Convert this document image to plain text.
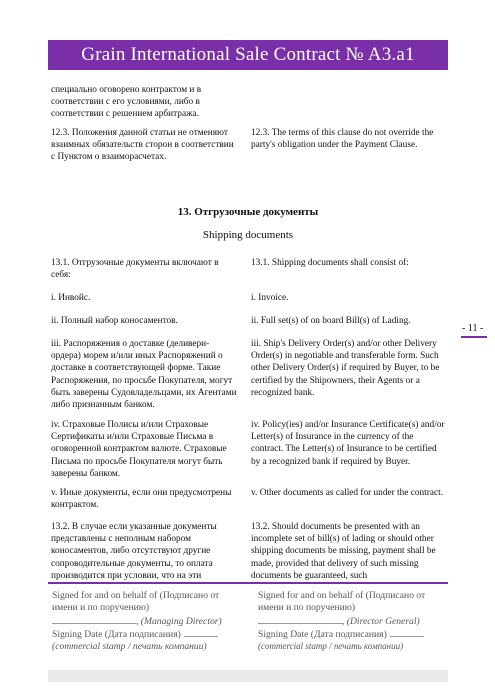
Grain International Sale Contract № A3.a1

специально оговорено контрактом и в соответствии с его условиями, либо в соответствии с решением арбитража.

12.3. Положения данной статьи не отменяют взаимных обязательств сторон в соответствии с Пунктом о взаиморасчетах.

12.3. The terms of this clause do not override the party's obligation under the Payment Clause.

13. Отгрузочные документы
Shipping documents

13.1. Отгрузочные документы включают в себя:

13.1. Shipping documents shall consist of:

i. Инвойс.	i. Invoice.

ii. Полный набор коносаментов.	ii. Full set(s) of on board Bill(s) of Lading.

iii. Распоряжения о доставке (деливери-ордера) морем и/или иных Распоряжений о доставке в соответствующей форме. Такие Распоряжения, по просьбе Покупателя, могут быть заверены Судовладельцами, их Агентами либо признанным банком.

iii. Ship's Delivery Order(s) and/or other Delivery Order(s) in negotiable and transferable form. Such other Delivery Order(s) if required by Buyer, to be certified by the Shipowners, their Agents or a recognized bank.

iv. Страховые Полисы и/или Страховые Сертификаты и/или Страховые Письма в оговоренной контрактом валюте. Страховые Письма по просьбе Покупателя могут быть заверены банком.

iv. Policy(ies) and/or Insurance Certificate(s) and/or Letter(s) of Insurance in the currency of the contract. The Letter(s) of Insurance to be certified by a recognized bank if required by Buyer.

v. Иные документы, если они предусмотрены контрактом.

v. Other documents as called for under the contract.

13.2. В случае если указанные документы представлены с неполным набором коносаментов, либо отсутствуют другие сопроводительные документы, то оплата производится при условии, что на эти

13.2. Should documents be presented with an incomplete set of bill(s) of lading or should other shipping documents be missing, payment shall be made, provided that delivery of such missing documents be guaranteed, such

- 11 -
Signed for and on behalf of (Подписано от имени и по поручению)
, (Managing Director)
Signing Date (Дата подписания)
(commercial stamp / печать компании)
Signed for and on behalf of (Подписано от имени и по поручению)
, (Director General)
Signing Date (Дата подписания)
(commercial stamp / печать компании)
